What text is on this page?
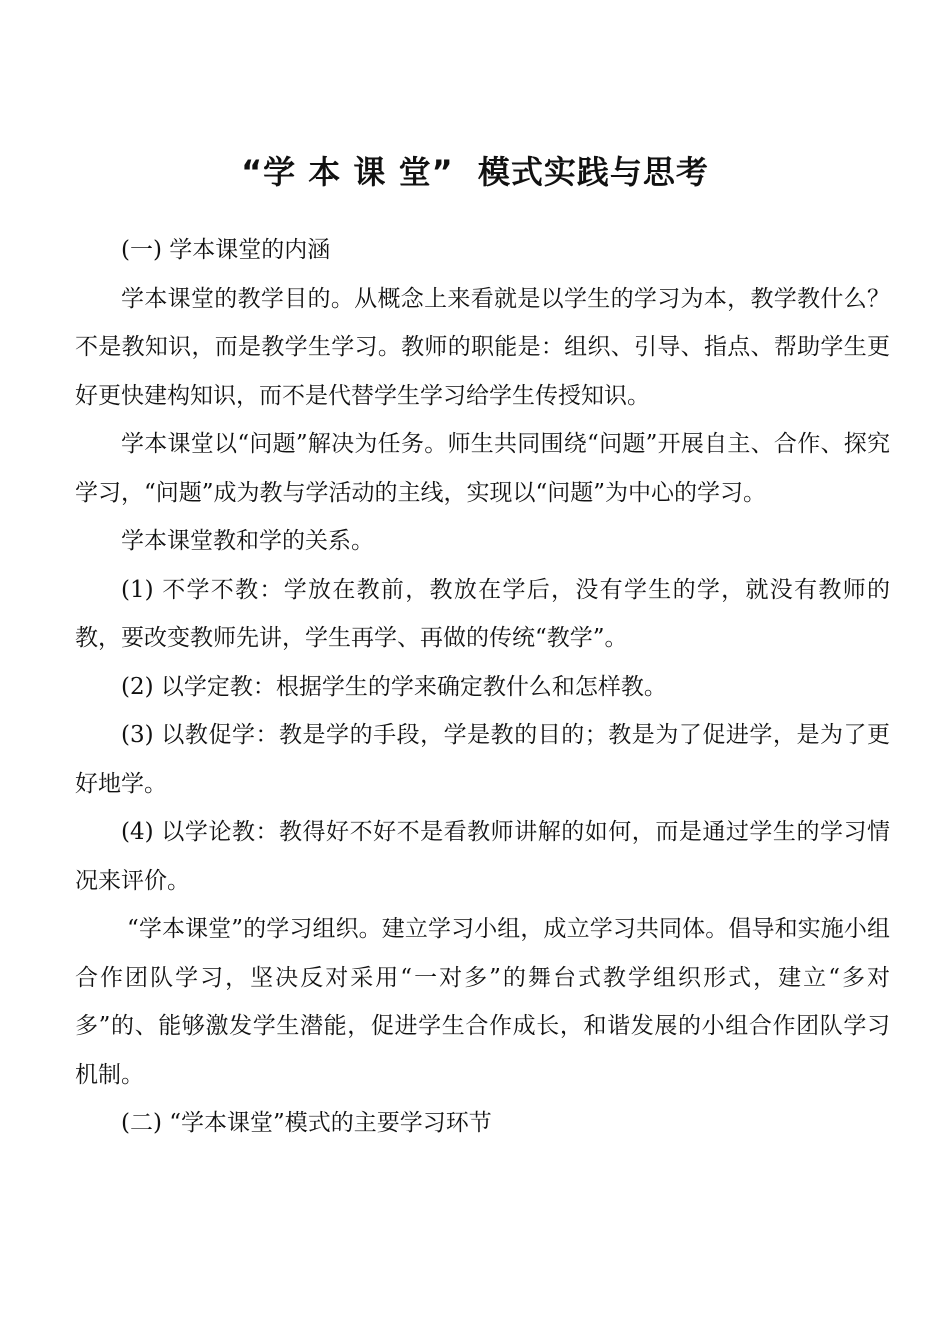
“学 本 课 堂”  模式实践与思考

(一) 学本课堂的内涵

学本课堂的教学目的。从概念上来看就是以学生的学习为本，教学教什么？不是教知识，而是教学生学习。教师的职能是：组织、引导、指点、帮助学生更好更快建构知识，而不是代替学生学习给学生传授知识。

学本课堂以“问题”解决为任务。师生共同围绕“问题”开展自主、合作、探究学习，“问题”成为教与学活动的主线，实现以“问题”为中心的学习。

学本课堂教和学的关系。

(1) 不学不教：学放在教前，教放在学后，没有学生的学，就没有教师的教，要改变教师先讲，学生再学、再做的传统“教学”。

(2) 以学定教：根据学生的学来确定教什么和怎样教。

(3) 以教促学：教是学的手段，学是教的目的；教是为了促进学，是为了更好地学。

(4) 以学论教：教得好不好不是看教师讲解的如何，而是通过学生的学习情况来评价。

“学本课堂”的学习组织。建立学习小组，成立学习共同体。倡导和实施小组合作团队学习，坚决反对采用“一对多”的舞台式教学组织形式，建立“多对多”的、能够激发学生潜能，促进学生合作成长，和谐发展的小组合作团队学习机制。

(二) “学本课堂”模式的主要学习环节
